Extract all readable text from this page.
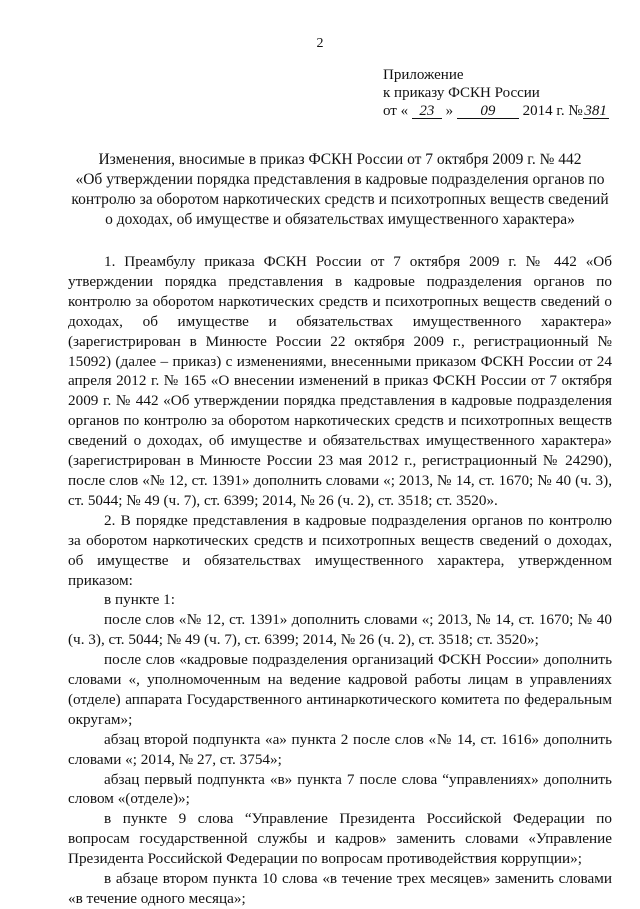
2
Приложение
к приказу ФСКН России
от « 23 » 09 2014 г. № 381
Изменения, вносимые в приказ ФСКН России от 7 октября 2009 г. № 442
«Об утверждении порядка представления в кадровые подразделения органов по
контролю за оборотом наркотических средств и психотропных веществ сведений
о доходах, об имуществе и обязательствах имущественного характера»

1. Преамбулу приказа ФСКН России от 7 октября 2009 г. № 442 «Об утверждении порядка представления в кадровые подразделения органов по контролю за оборотом наркотических средств и психотропных веществ сведений о доходах, об имуществе и обязательствах имущественного характера» (зарегистрирован в Минюсте России 22 октября 2009 г., регистрационный № 15092) (далее – приказ) с изменениями, внесенными приказом ФСКН России от 24 апреля 2012 г. № 165 «О внесении изменений в приказ ФСКН России от 7 октября 2009 г. № 442 «Об утверждении порядка представления в кадровые подразделения органов по контролю за оборотом наркотических средств и психотропных веществ сведений о доходах, об имуществе и обязательствах имущественного характера» (зарегистрирован в Минюсте России 23 мая 2012 г., регистрационный № 24290), после слов «№ 12, ст. 1391» дополнить словами «; 2013, № 14, ст. 1670; № 40 (ч. 3), ст. 5044; № 49 (ч. 7), ст. 6399; 2014, № 26 (ч. 2), ст. 3518; ст. 3520».

2. В порядке представления в кадровые подразделения органов по контролю за оборотом наркотических средств и психотропных веществ сведений о доходах, об имуществе и обязательствах имущественного характера, утвержденном приказом:

в пункте 1:

после слов «№ 12, ст. 1391» дополнить словами «; 2013, № 14, ст. 1670; № 40 (ч. 3), ст. 5044; № 49 (ч. 7), ст. 6399; 2014, № 26 (ч. 2), ст. 3518; ст. 3520»;

после слов «кадровые подразделения организаций ФСКН России» дополнить словами «, уполномоченным на ведение кадровой работы лицам в управлениях (отделе) аппарата Государственного антинаркотического комитета по федеральным округам»;

абзац второй подпункта «а» пункта 2 после слов «№ 14, ст. 1616» дополнить словами «; 2014, № 27, ст. 3754»;

абзац первый подпункта «в» пункта 7 после слова “управлениях» дополнить словом «(отделе)»;

в пункте 9 слова “Управление Президента Российской Федерации по вопросам государственной службы и кадров» заменить словами «Управление Президента Российской Федерации по вопросам противодействия коррупции»;

в абзаце втором пункта 10 слова «в течение трех месяцев» заменить словами «в течение одного месяца»;
